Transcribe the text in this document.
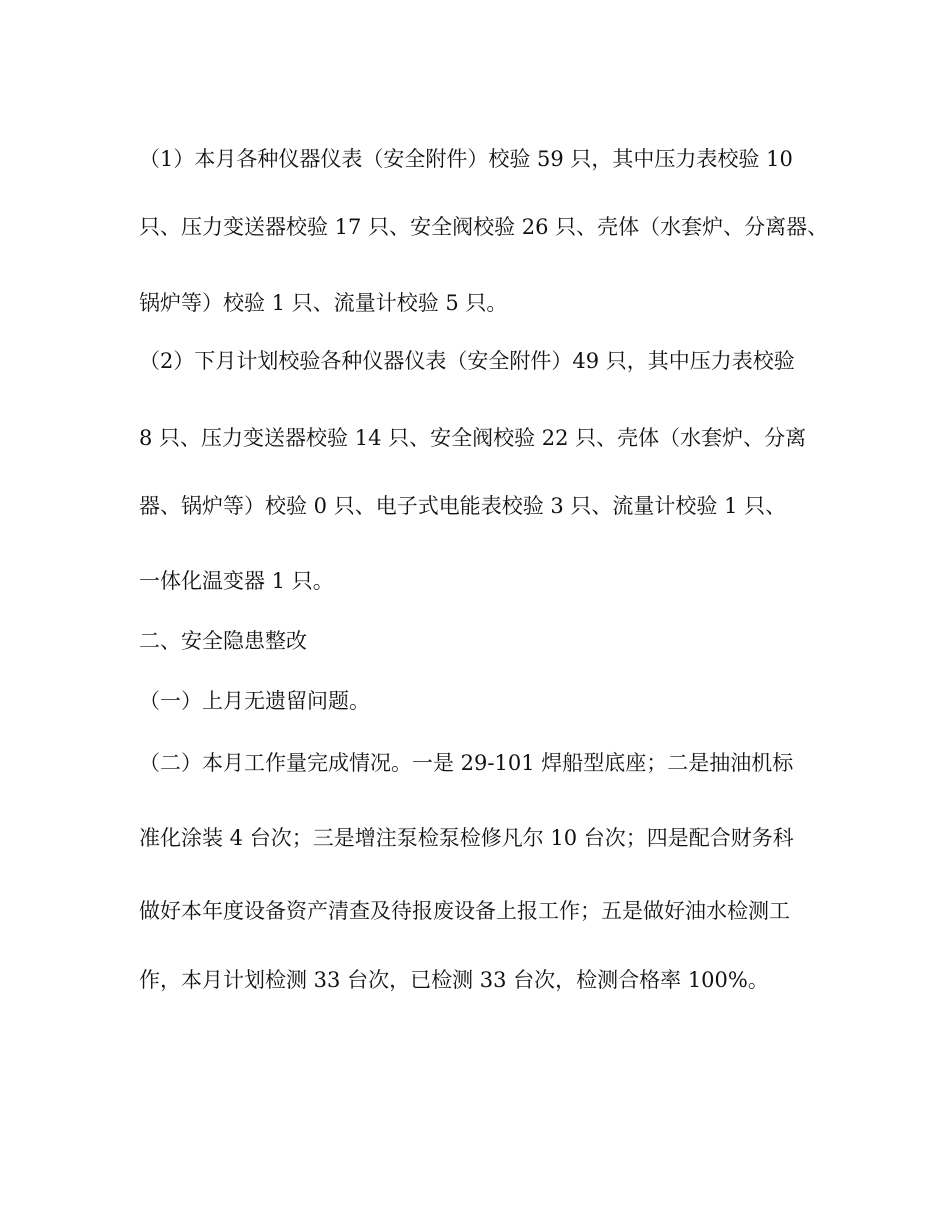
（1）本月各种仪器仪表（安全附件）校验 59 只，其中压力表校验 10
只、压力变送器校验 17 只、安全阀校验 26 只、壳体（水套炉、分离器、
锅炉等）校验 1 只、流量计校验 5 只。
（2）下月计划校验各种仪器仪表（安全附件）49 只，其中压力表校验
8 只、压力变送器校验 14 只、安全阀校验 22 只、壳体（水套炉、分离
器、锅炉等）校验 0 只、电子式电能表校验 3 只、流量计校验 1 只、
一体化温变器 1 只。
二、安全隐患整改
（一）上月无遗留问题。
（二）本月工作量完成情况。一是 29-101 焊船型底座；二是抽油机标
准化涂装 4 台次；三是增注泵检泵检修凡尔 10 台次；四是配合财务科
做好本年度设备资产清查及待报废设备上报工作；五是做好油水检测工
作，本月计划检测 33 台次，已检测 33 台次，检测合格率 100%。
